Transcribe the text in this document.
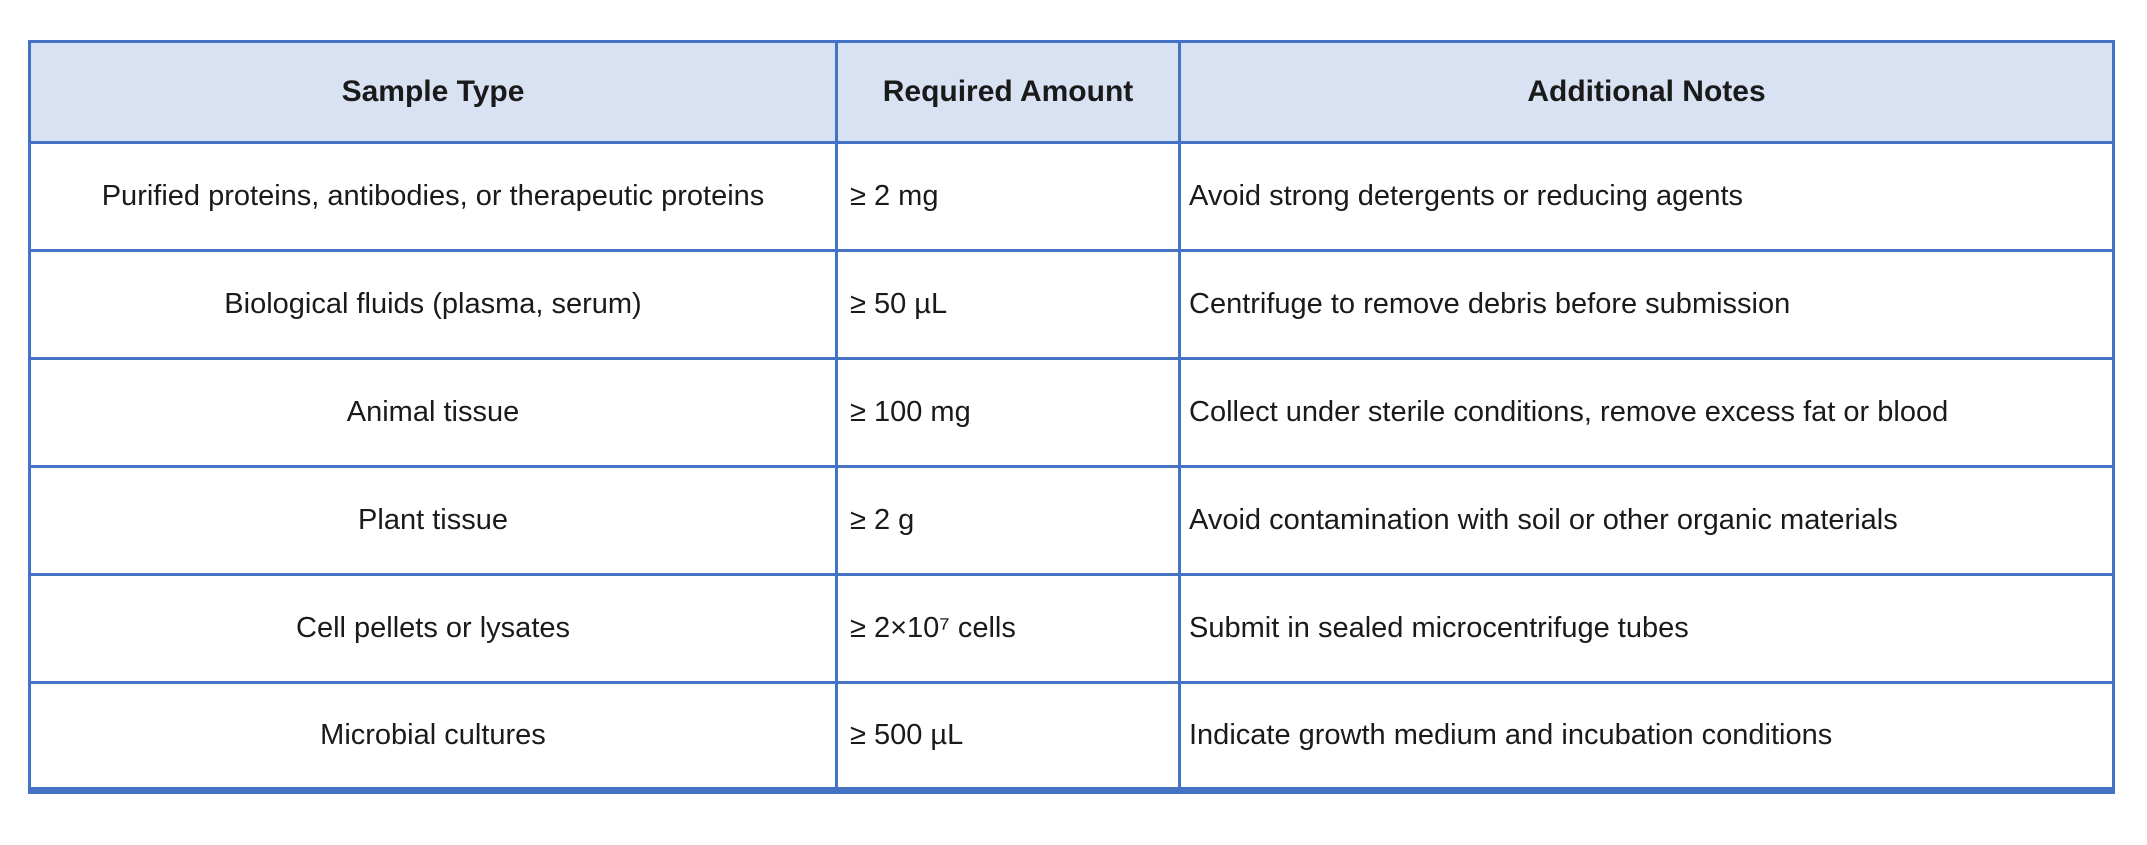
Sample Type	Required Amount	Additional Notes
Purified proteins, antibodies, or therapeutic proteins	≥ 2 mg	Avoid strong detergents or reducing agents
Biological fluids (plasma, serum)	≥ 50 µL	Centrifuge to remove debris before submission
Animal tissue	≥ 100 mg	Collect under sterile conditions, remove excess fat or blood
Plant tissue	≥ 2 g	Avoid contamination with soil or other organic materials
Cell pellets or lysates	≥ 2×10⁷ cells	Submit in sealed microcentrifuge tubes
Microbial cultures	≥ 500 µL	Indicate growth medium and incubation conditions
